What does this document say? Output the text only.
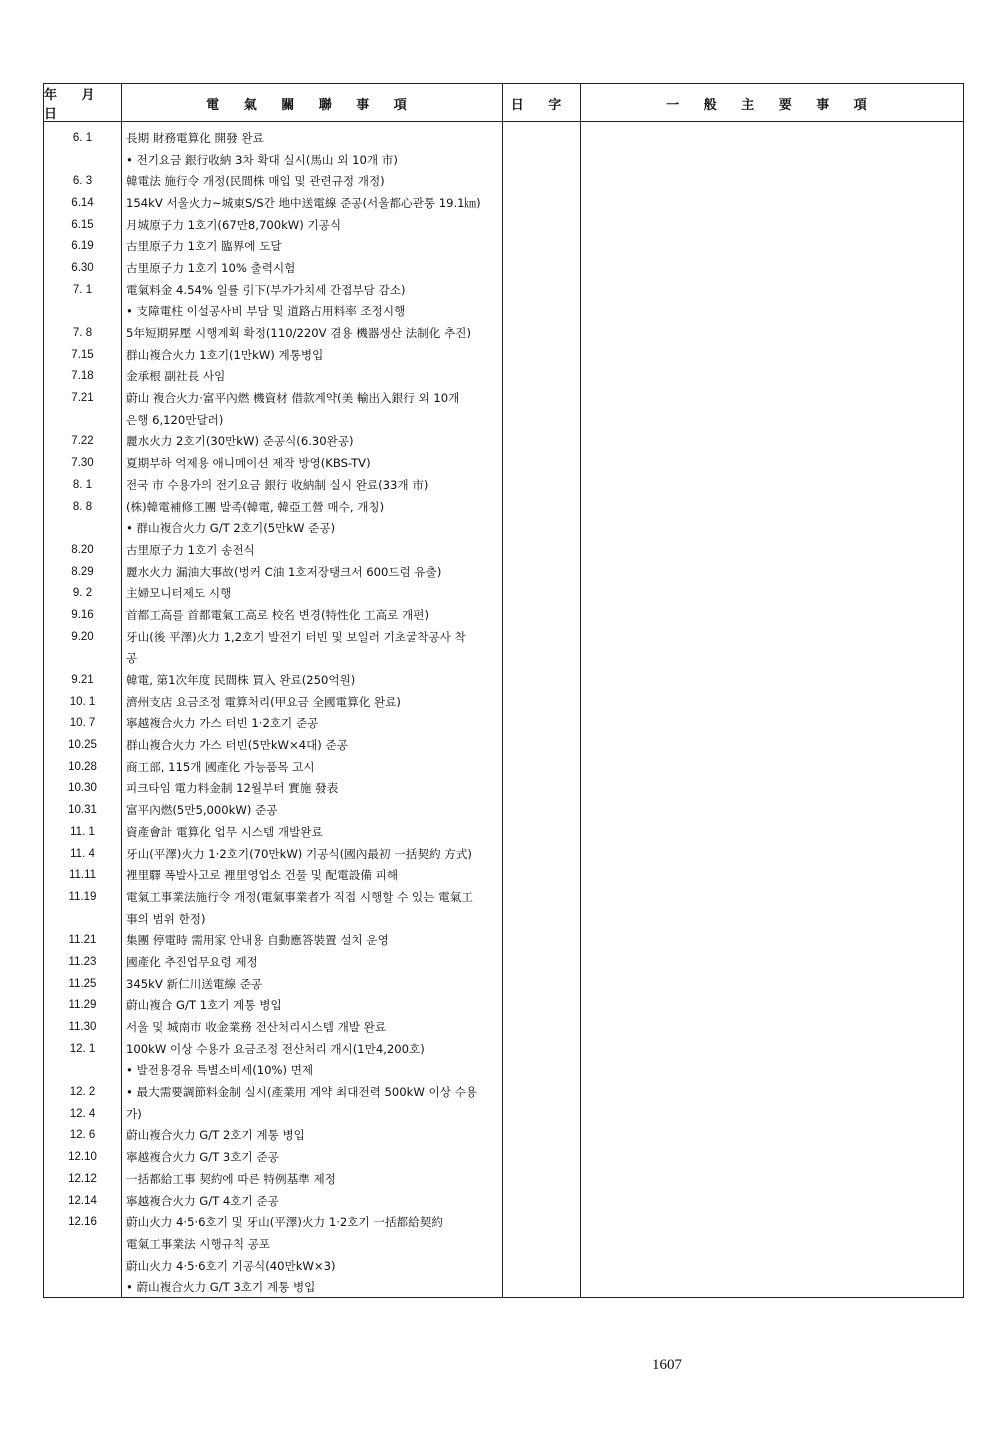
年 月 日
電 氣 關 聯 事 項	日 字	一 般 主 要 事 項
6. 1	長期 財務電算化 開發 완료
• 전기요금 銀行收納 3차 확대 실시(馬山 외 10개 市)
6. 3	韓電法 施行令 개정(民間株 매입 및 관련규정 개정)
6.14	154kV 서울火力~城東S/S간 地中送電線 준공(서울都心관통 19.1㎞)
6.15	月城原子力 1호기(67만8,700kW) 기공식
6.19	古里原子力 1호기 臨界에 도달
6.30	古里原子力 1호기 10% 출력시험
7. 1	電氣料金 4.54% 일률 引下(부가가치세 간접부담 감소)
• 支障電柱 이설공사비 부담 및 道路占用料率 조정시행
7. 8	5年短期昇壓 시행계획 확정(110/220V 겸용 機器생산 法制化 추진)
7.15	群山複合火力 1호기(1만kW) 계통병입
7.18	金承根 副社長 사임
7.21	蔚山 複合火力·富平內燃 機資材 借款계약(美 輸出入銀行 외 10개
은행 6,120만달러)
7.22	麗水火力 2호기(30만kW) 준공식(6.30완공)
7.30	夏期부하 억제용 애니메이션 제작 방영(KBS-TV)
8. 1	전국 市 수용가의 전기요금 銀行 收納制 실시 완료(33개 市)
8. 8	(株)韓電補修工團 발족(韓電, 韓亞工營 매수, 개칭)
• 群山複合火力 G/T 2호기(5만kW 준공)
8.20	古里原子力 1호기 송전식
8.29	麗水火力 漏油大事故(벙커 C油 1호저장탱크서 600드럼 유출)
9. 2	主婦모니터제도 시행
9.16	首都工高를 首都電氣工高로 校名 변경(特性化 工高로 개편)
9.20	牙山(後 平澤)火力 1,2호기 발전기 터빈 및 보일러 기초굴착공사 착
공
9.21	韓電, 第1次年度 民間株 買入 완료(250억원)
10. 1	濟州支店 요금조정 電算처리(甲요금 全國電算化 완료)
10. 7	寧越複合火力 가스 터빈 1·2호기 준공
10.25	群山複合火力 가스 터빈(5만kW×4대) 준공
10.28	商工部, 115개 國產化 가능품목 고시
10.30	피크타임 電力料金制 12월부터 實施 發表
10.31	富平內燃(5만5,000kW) 준공
11. 1	資產會計 電算化 업무 시스템 개발완료
11. 4	牙山(平澤)火力 1·2호기(70만kW) 기공식(國內最初 一括契約 方式)
11.11	裡里驛 폭발사고로 裡里영업소 건물 및 配電設備 피해
11.19	電氣工事業法施行令 개정(電氣事業者가 직접 시행할 수 있는 電氣工
事의 범위 한정)
11.21	集團 停電時 需用家 안내용 自動應答裝置 설치 운영
11.23	國產化 추진업무요령 제정
11.25	345kV 新仁川送電線 준공
11.29	蔚山複合 G/T 1호기 계통 병입
11.30	서울 및 城南市 收金業務 전산처리시스템 개발 완료
12. 1	100kW 이상 수용가 요금조정 전산처리 개시(1만4,200호)
• 발전용경유 특별소비세(10%) 면제
12. 2	• 最大需要調節料金制 실시(產業用 계약 최대전력 500kW 이상 수용
12. 4	가)
12. 6	蔚山複合火力 G/T 2호기 계통 병입
12.10	寧越複合火力 G/T 3호기 준공
12.12	一括都給工事 契約에 따른 特例基準 제정
12.14	寧越複合火力 G/T 4호기 준공
12.16	蔚山火力 4·5·6호기 및 牙山(平澤)火力 1·2호기 一括都給契約
電氣工事業法 시행규칙 공포
蔚山火力 4·5·6호기 기공식(40만kW×3)
• 蔚山複合火力 G/T 3호기 계통 병입
1607
